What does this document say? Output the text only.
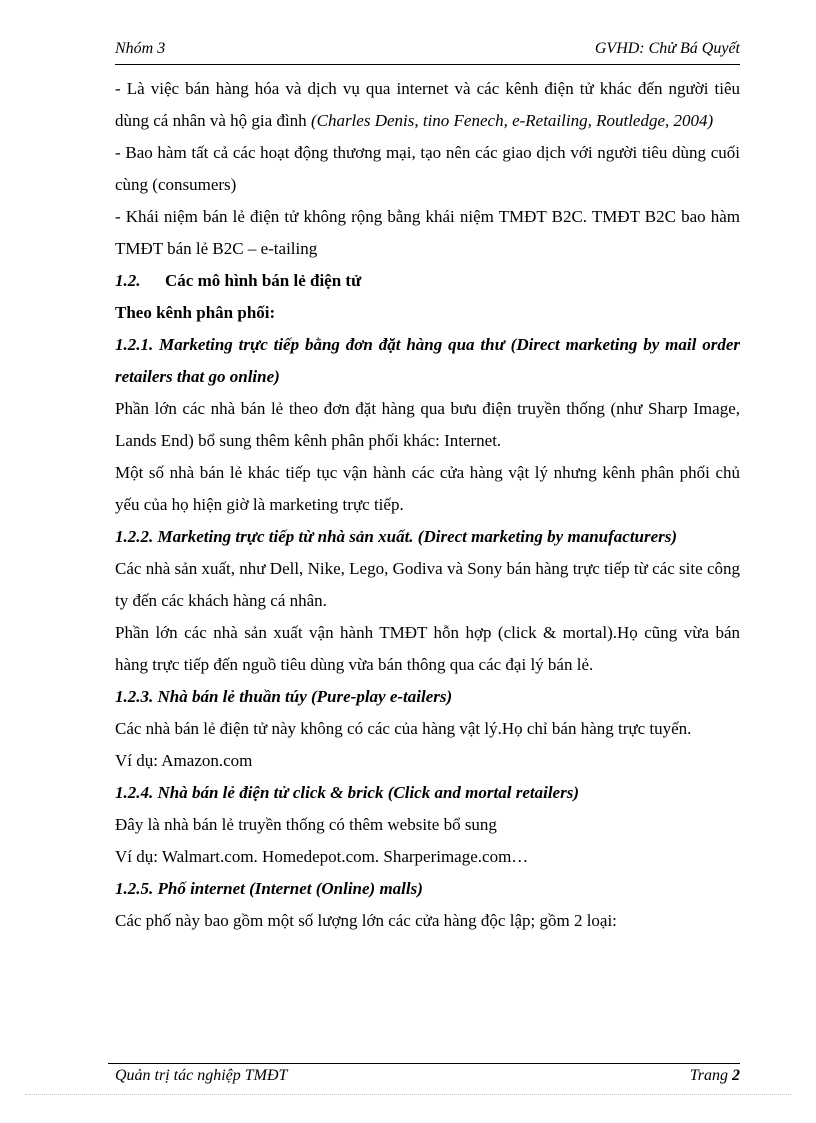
Nhóm 3	GVHD: Chử Bá Quyết

- Là việc bán hàng hóa và dịch vụ qua internet và các kênh điện tử khác đến người tiêu dùng cá nhân và hộ gia đình (Charles Denis, tino Fenech, e-Retailing, Routledge, 2004)

- Bao hàm tất cả các hoạt động thương mại, tạo nên các giao dịch với người tiêu dùng cuối cùng (consumers)

- Khái niệm bán lẻ điện tử không rộng bằng khái niệm TMĐT B2C. TMĐT B2C bao hàm TMĐT bán lẻ B2C – e-tailing

1.2. Các mô hình bán lẻ điện tử

Theo kênh phân phối:

1.2.1. Marketing trực tiếp bằng đơn đặt hàng qua thư (Direct marketing by mail order retailers that go online)

Phần lớn các nhà bán lẻ theo đơn đặt hàng qua bưu điện truyền thống (như Sharp Image, Lands End) bổ sung thêm kênh phân phối khác: Internet.

Một số nhà bán lẻ khác tiếp tục vận hành các cửa hàng vật lý nhưng kênh phân phối chủ yếu của họ hiện giờ là marketing trực tiếp.

1.2.2. Marketing trực tiếp từ nhà sản xuất. (Direct marketing by manufacturers)

Các nhà sản xuất, như Dell, Nike, Lego, Godiva và Sony bán hàng trực tiếp từ các site công ty đến các khách hàng cá nhân.

Phần lớn các nhà sản xuất vận hành TMĐT hỗn hợp (click & mortal).Họ cũng vừa bán hàng trực tiếp đến nguồ tiêu dùng vừa bán thông qua các đại lý bán lẻ.

1.2.3. Nhà bán lẻ thuần túy (Pure-play e-tailers)

Các nhà bán lẻ điện tử này không có các của hàng vật lý.Họ chỉ bán hàng trực tuyến.

Ví dụ: Amazon.com

1.2.4. Nhà bán lẻ điện tử click & brick (Click and mortal retailers)

Đây là nhà bán lẻ truyền thống có thêm website bổ sung

Ví dụ: Walmart.com. Homedepot.com. Sharperimage.com…

1.2.5. Phố internet (Internet (Online) malls)

Các phố này bao gồm một số lượng lớn các cửa hàng độc lập; gồm 2 loại:

Quản trị tác nghiệp TMĐT	Trang 2
